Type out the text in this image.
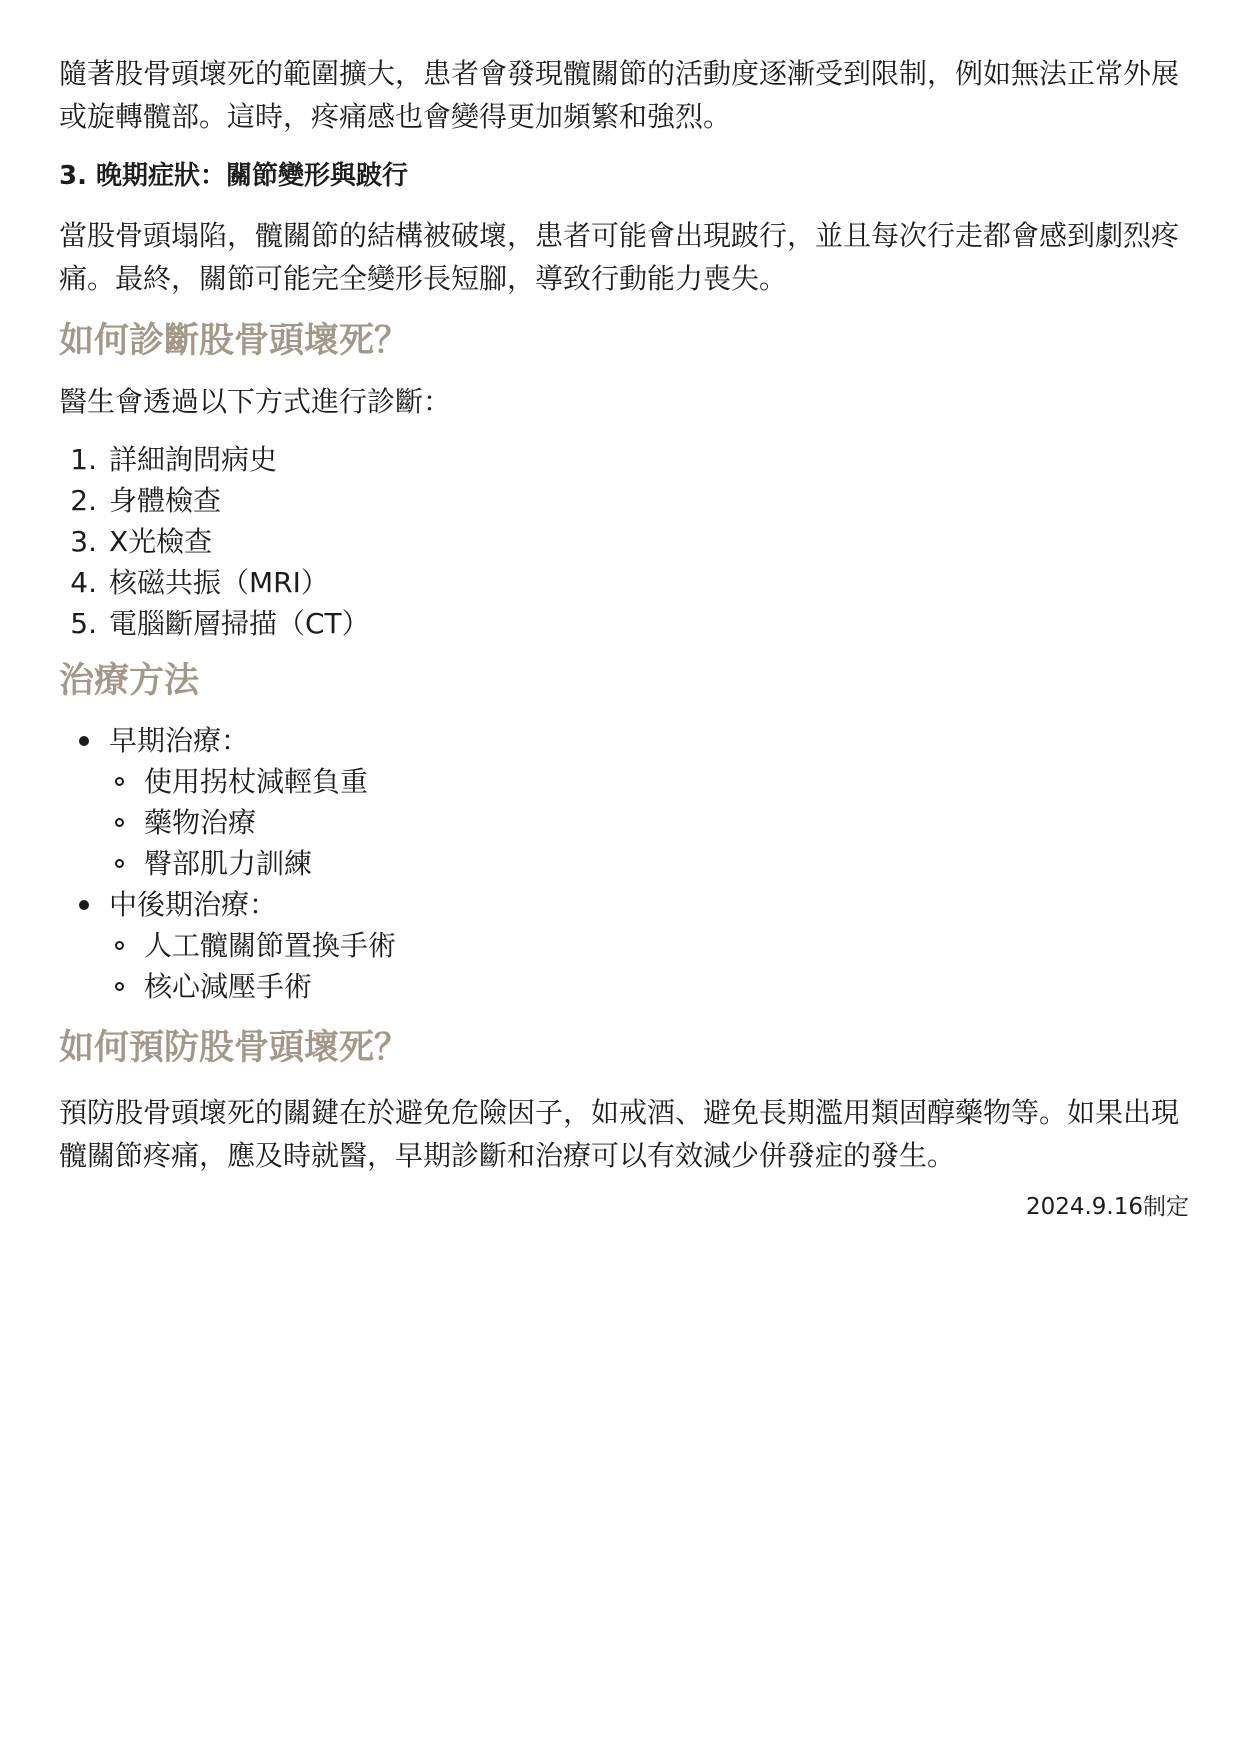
隨著股骨頭壞死的範圍擴大，患者會發現髖關節的活動度逐漸受到限制，例如無法正常外展或旋轉髖部。這時，疼痛感也會變得更加頻繁和強烈。

3. 晚期症狀：關節變形與跛行

當股骨頭塌陷，髖關節的結構被破壞，患者可能會出現跛行，並且每次行走都會感到劇烈疼痛。最終，關節可能完全變形長短腳，導致行動能力喪失。

如何診斷股骨頭壞死？

醫生會透過以下方式進行診斷：

1. 詳細詢問病史
2. 身體檢查
3. X光檢查
4. 核磁共振（MRI）
5. 電腦斷層掃描（CT）
治療方法
早期治療：
使用拐杖減輕負重
藥物治療
臀部肌力訓練
中後期治療：
人工髖關節置換手術
核心減壓手術
如何預防股骨頭壞死？

預防股骨頭壞死的關鍵在於避免危險因子，如戒酒、避免長期濫用類固醇藥物等。如果出現髖關節疼痛，應及時就醫，早期診斷和治療可以有效減少併發症的發生。

2024.9.16制定
